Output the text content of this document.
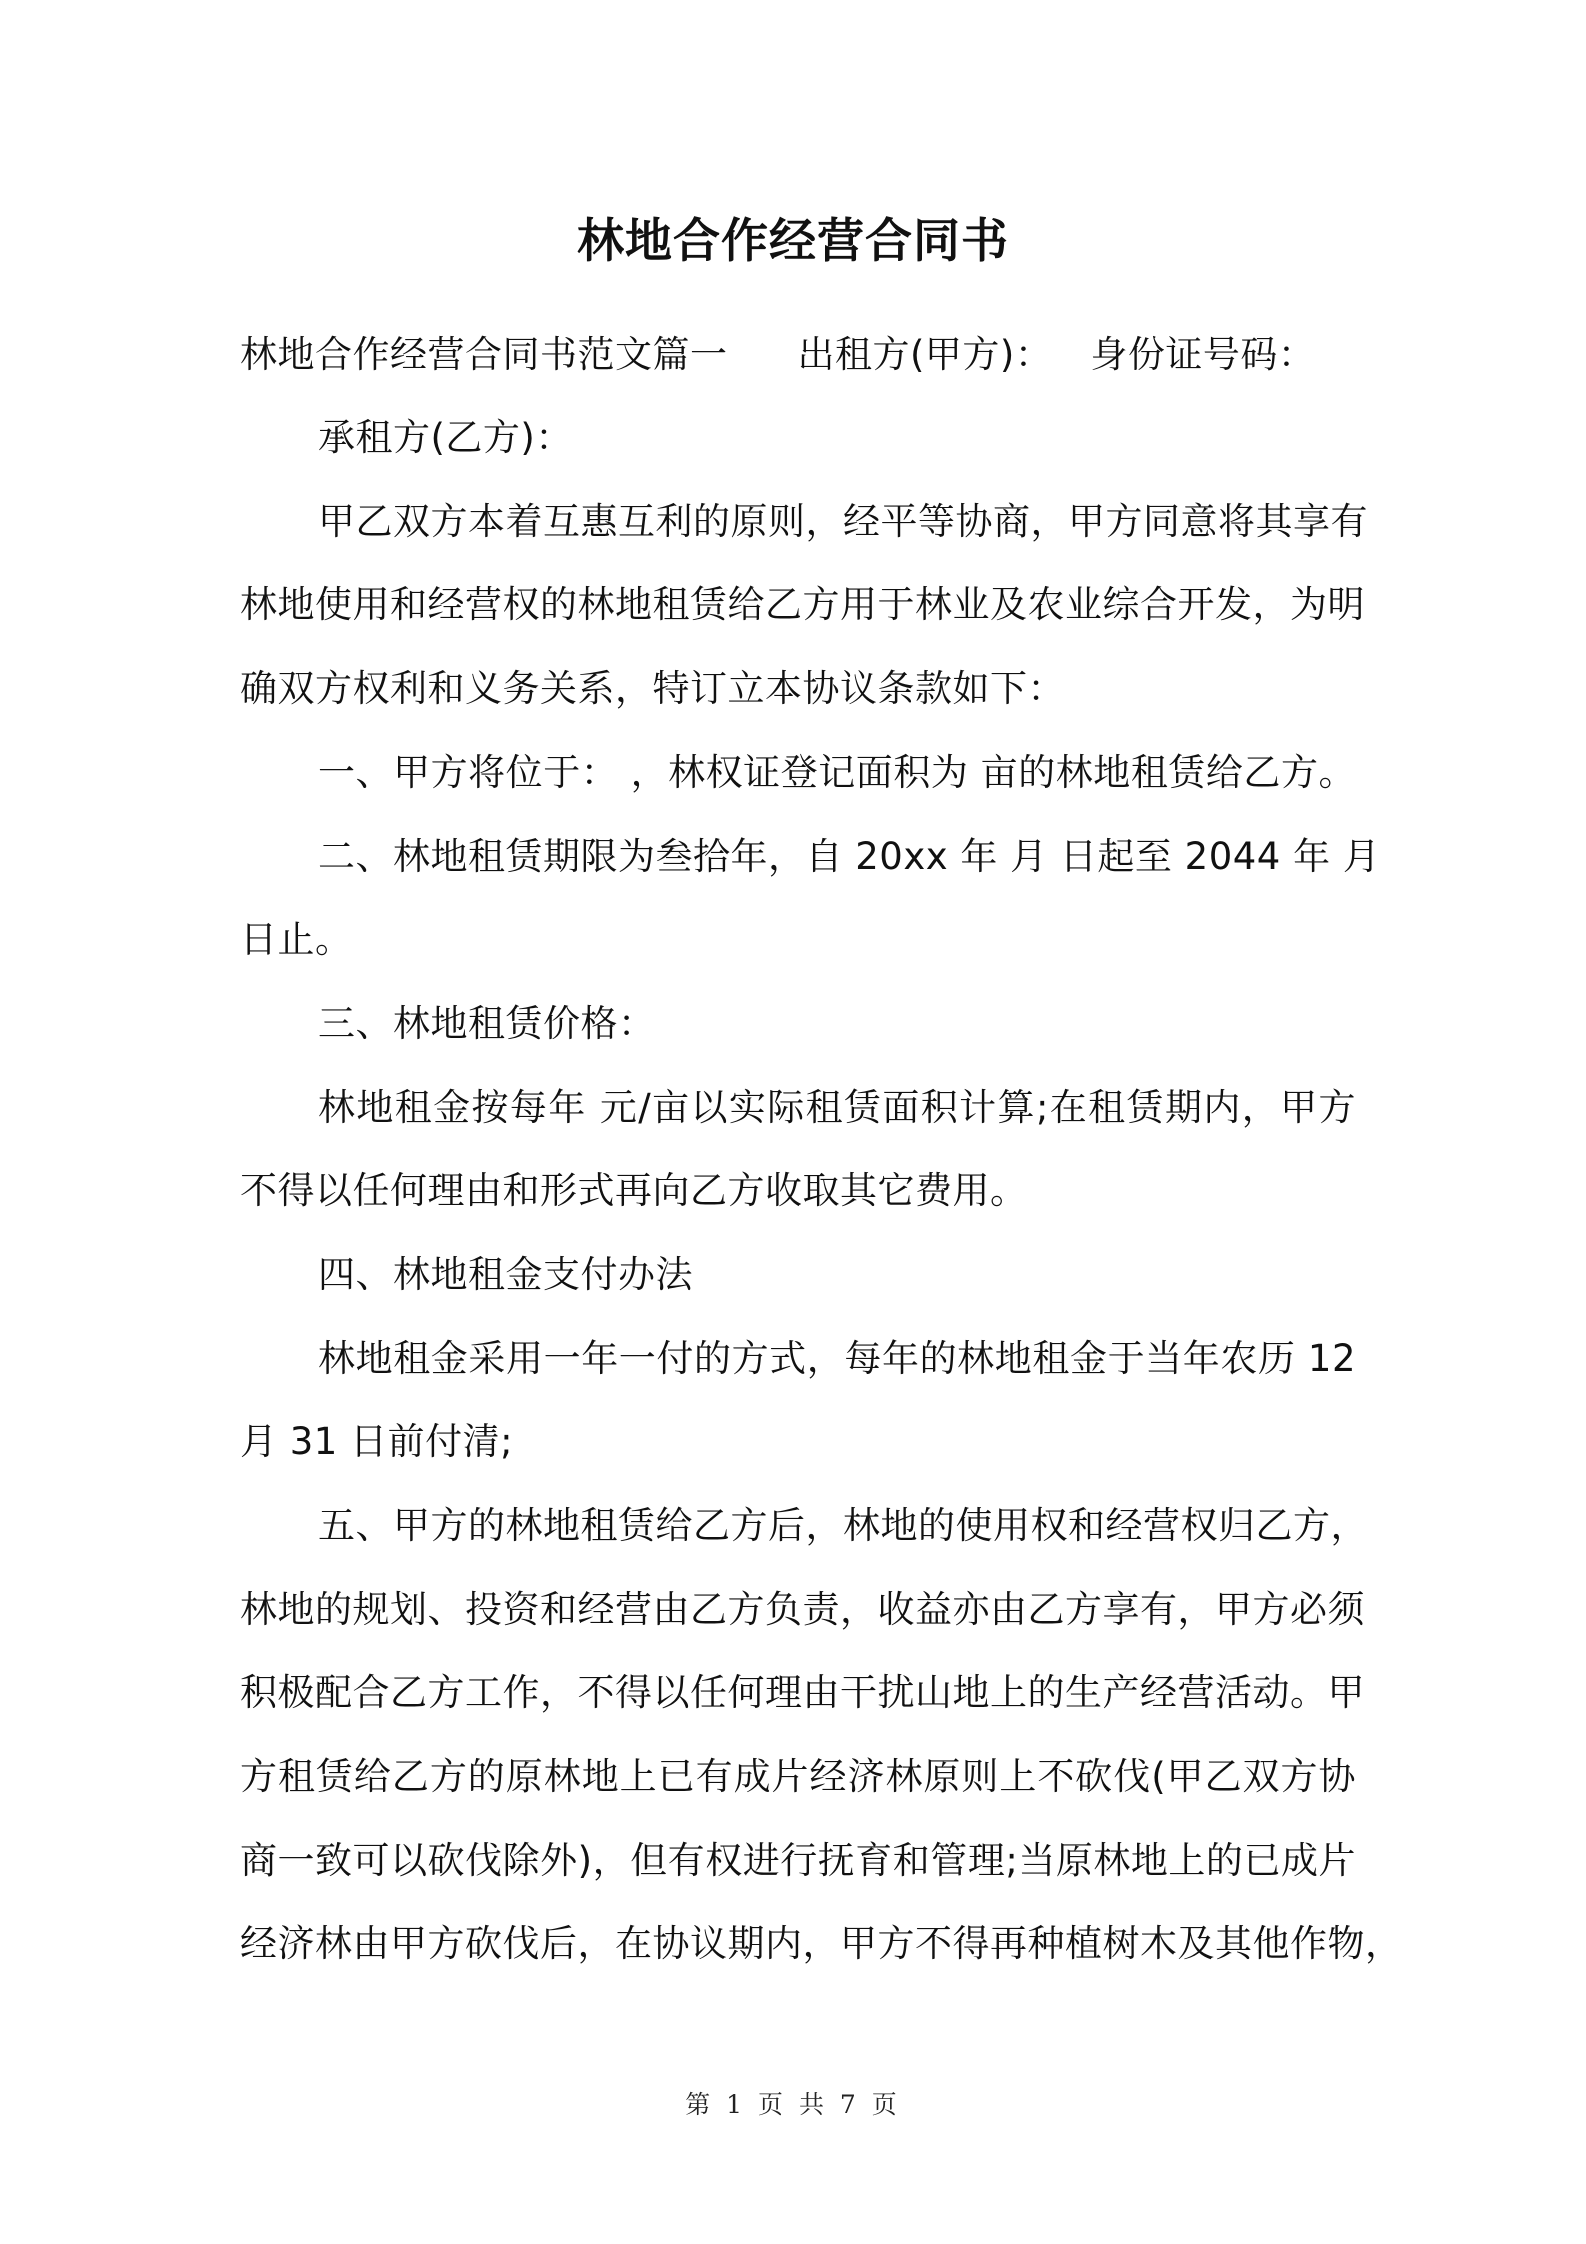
林地合作经营合同书
林地合作经营合同书范文篇一 出租方(甲方)： 身份证号码：
承租方(乙方)：
甲乙双方本着互惠互利的原则，经平等协商，甲方同意将其享有
林地使用和经营权的林地租赁给乙方用于林业及农业综合开发，为明
确双方权利和义务关系，特订立本协议条款如下：
一、甲方将位于： ，林权证登记面积为 亩的林地租赁给乙方。
二、林地租赁期限为叁拾年，自 20xx 年 月 日起至 2044 年 月
日止。
三、林地租赁价格：
林地租金按每年 元/亩以实际租赁面积计算;在租赁期内，甲方
不得以任何理由和形式再向乙方收取其它费用。
四、林地租金支付办法
林地租金采用一年一付的方式，每年的林地租金于当年农历 12
月 31 日前付清;
五、甲方的林地租赁给乙方后，林地的使用权和经营权归乙方，
林地的规划、投资和经营由乙方负责，收益亦由乙方享有，甲方必须
积极配合乙方工作，不得以任何理由干扰山地上的生产经营活动。甲
方租赁给乙方的原林地上已有成片经济林原则上不砍伐(甲乙双方协
商一致可以砍伐除外)，但有权进行抚育和管理;当原林地上的已成片
经济林由甲方砍伐后，在协议期内，甲方不得再种植树木及其他作物，
第 1 页 共 7 页
